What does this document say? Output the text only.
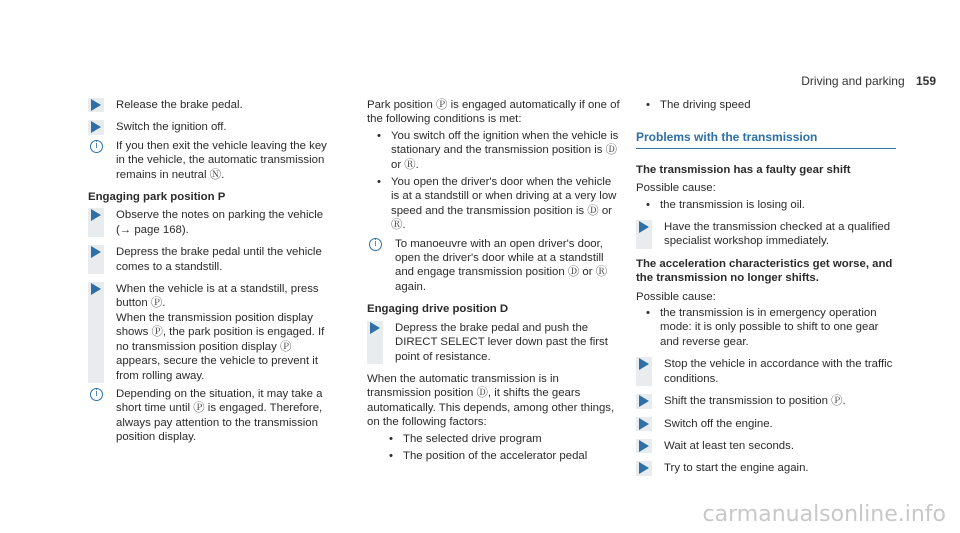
Driving and parking 159
Release the brake pedal.
Switch the ignition off.
i	If you then exit the vehicle leaving the key in the vehicle, the automatic transmission remains in neutral Ⓝ.
Engaging park position P
Observe the notes on parking the vehicle (→ page 168).
Depress the brake pedal until the vehicle comes to a standstill.
When the vehicle is at a standstill, press button Ⓟ.
When the transmission position display shows Ⓟ, the park position is engaged. If no transmission position display Ⓟ appears, secure the vehicle to prevent it from rolling away.
i	Depending on the situation, it may take a short time until Ⓟ is engaged. Therefore, always pay attention to the transmission position display.
Park position Ⓟ is engaged automatically if one of the following conditions is met:
• You switch off the ignition when the vehicle is stationary and the transmission position is Ⓓ or Ⓡ.
• You open the driver's door when the vehicle is at a standstill or when driving at a very low speed and the transmission position is Ⓓ or Ⓡ.
i	To manoeuvre with an open driver's door, open the driver's door while at a standstill and engage transmission position Ⓓ or Ⓡ again.
Engaging drive position D
Depress the brake pedal and push the DIRECT SELECT lever down past the first point of resistance.
When the automatic transmission is in transmission position Ⓓ, it shifts the gears automatically. This depends, among other things, on the following factors:
• The selected drive program
• The position of the accelerator pedal
• The driving speed
Problems with the transmission
The transmission has a faulty gear shift
Possible cause:
• the transmission is losing oil.
Have the transmission checked at a qualified specialist workshop immediately.
The acceleration characteristics get worse, and the transmission no longer shifts.
Possible cause:
• the transmission is in emergency operation mode: it is only possible to shift to one gear and reverse gear.
Stop the vehicle in accordance with the traffic conditions.
Shift the transmission to position Ⓟ.
Switch off the engine.
Wait at least ten seconds.
Try to start the engine again.
carmanualsonline.info
